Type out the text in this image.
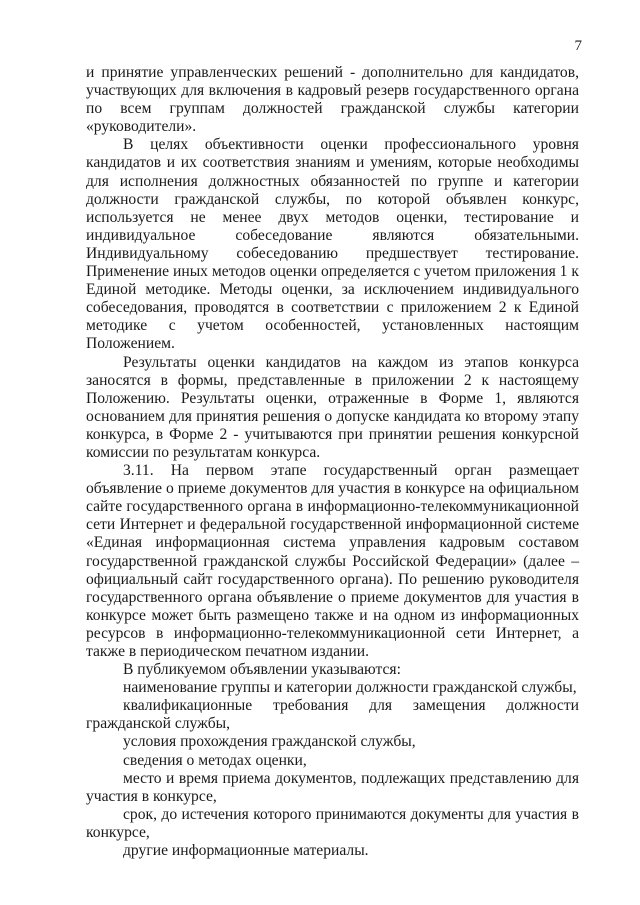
7

и принятие управленческих решений - дополнительно для кандидатов, участвующих для включения в кадровый резерв государственного органа по всем группам должностей гражданской службы категории «руководители».

В целях объективности оценки профессионального уровня кандидатов и их соответствия знаниям и умениям, которые необходимы для исполнения должностных обязанностей по группе и категории должности гражданской службы, по которой объявлен конкурс, используется не менее двух методов оценки, тестирование и индивидуальное собеседование являются обязательными. Индивидуальному собеседованию предшествует тестирование. Применение иных методов оценки определяется с учетом приложения 1 к Единой методике. Методы оценки, за исключением индивидуального собеседования, проводятся в соответствии с приложением 2 к Единой методике с учетом особенностей, установленных настоящим Положением.

Результаты оценки кандидатов на каждом из этапов конкурса заносятся в формы, представленные в приложении 2 к настоящему Положению. Результаты оценки, отраженные в Форме 1, являются основанием для принятия решения о допуске кандидата ко второму этапу конкурса, в Форме 2 - учитываются при принятии решения конкурсной комиссии по результатам конкурса.

3.11. На первом этапе государственный орган размещает объявление о приеме документов для участия в конкурсе на официальном сайте государственного органа в информационно-телекоммуникационной сети Интернет и федеральной государственной информационной системе «Единая информационная система управления кадровым составом государственной гражданской службы Российской Федерации» (далее – официальный сайт государственного органа). По решению руководителя государственного органа объявление о приеме документов для участия в конкурсе может быть размещено также и на одном из информационных ресурсов в информационно-телекоммуникационной сети Интернет, а также в периодическом печатном издании.

В публикуемом объявлении указываются:

наименование группы и категории должности гражданской службы,

квалификационные требования для замещения должности гражданской службы,

условия прохождения гражданской службы,

сведения о методах оценки,

место и время приема документов, подлежащих представлению для участия в конкурсе,

срок, до истечения которого принимаются документы для участия в конкурсе,

другие информационные материалы.
